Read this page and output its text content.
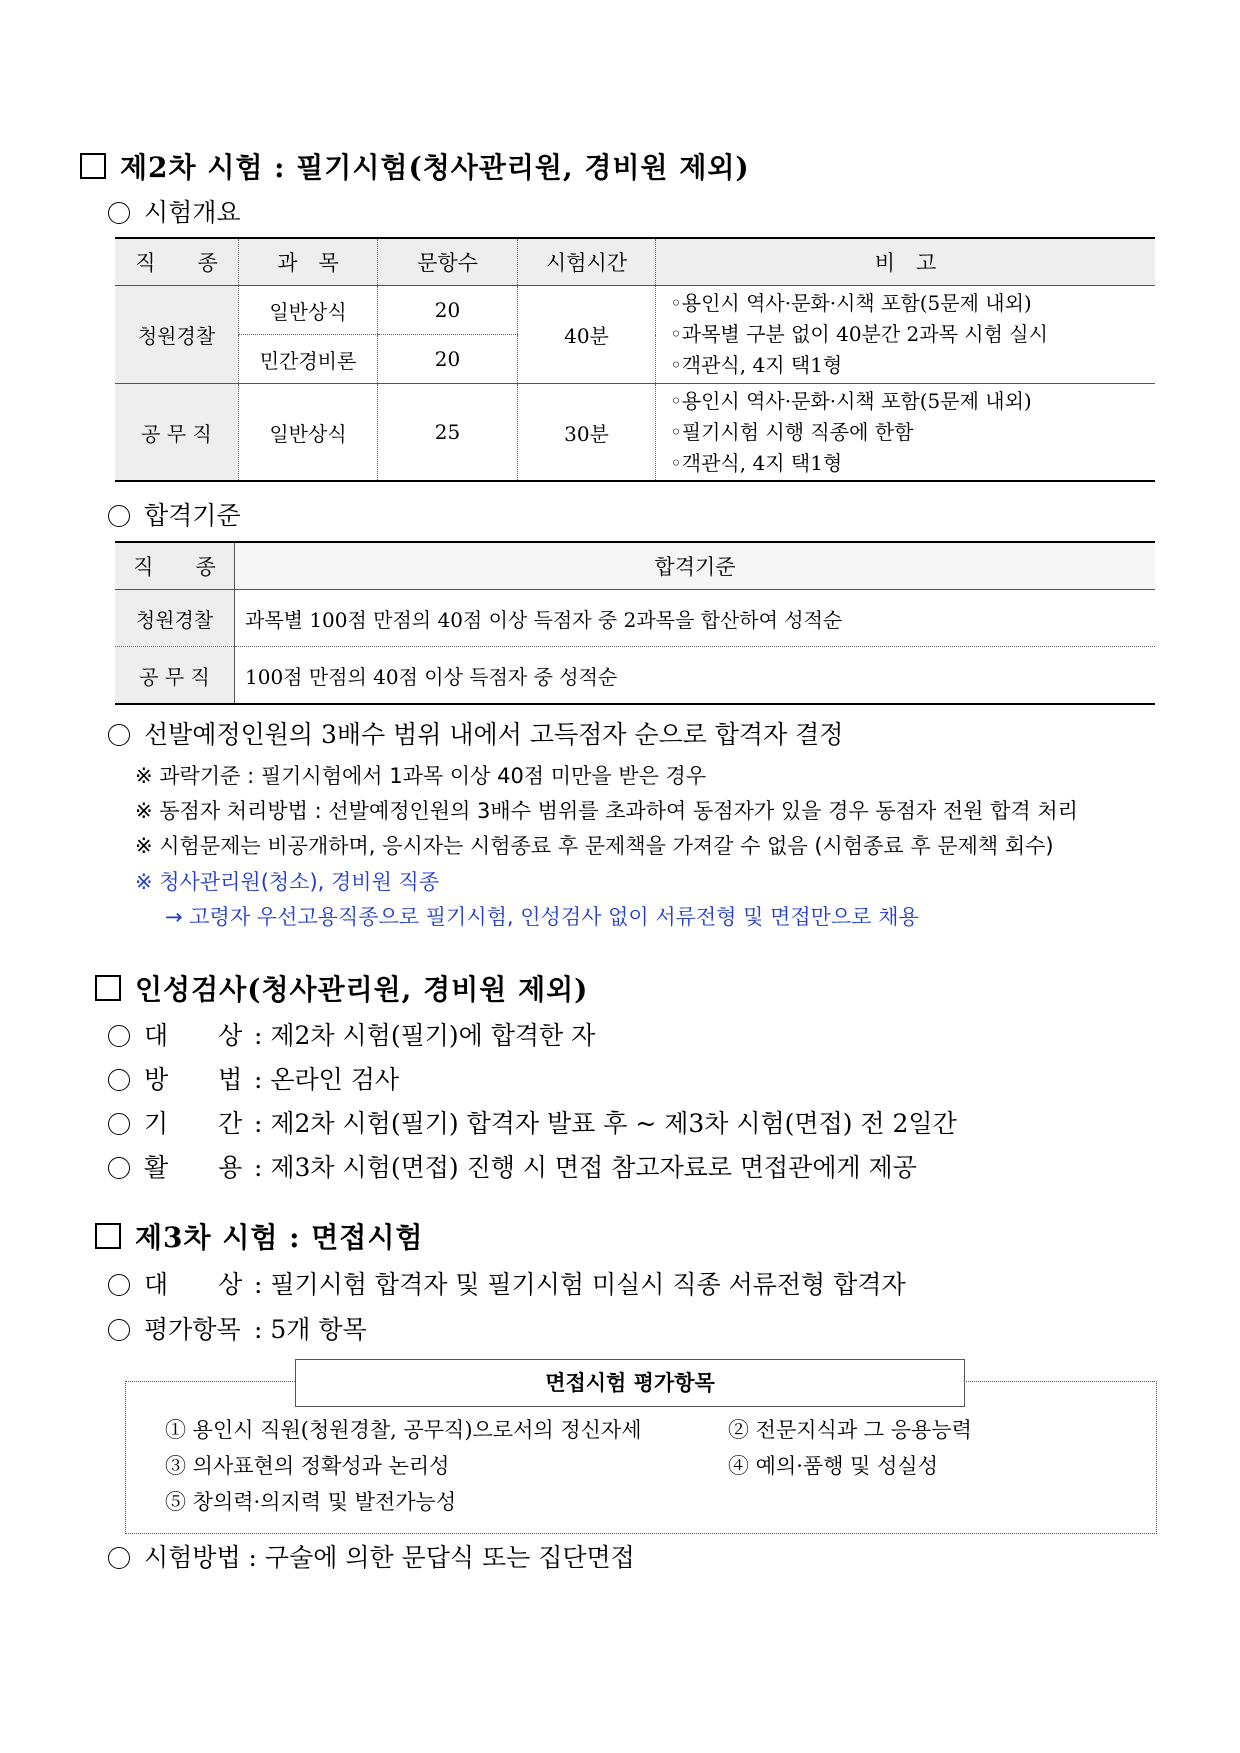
제2차 시험 : 필기시험(청사관리원, 경비원 제외)
시험개요
직　　종	과　목	문항수	시험시간	비　고
청원경찰	일반상식	20	40분	◦용인시 역사·문화·시책 포함(5문제 내외)
◦과목별 구분 없이 40분간 2과목 시험 실시
◦객관식, 4지 택1형

	민간경비론	20		
공 무 직	일반상식	25	30분	◦용인시 역사·문화·시책 포함(5문제 내외)
◦필기시험 시행 직종에 한함
◦객관식, 4지 택1형
합격기준
직　　종	합격기준
청원경찰	과목별 100점 만점의 40점 이상 득점자 중 2과목을 합산하여 성적순
공 무 직	100점 만점의 40점 이상 득점자 중 성적순
선발예정인원의 3배수 범위 내에서 고득점자 순으로 합격자 결정
※ 과락기준 : 필기시험에서 1과목 이상 40점 미만을 받은 경우
※ 동점자 처리방법 : 선발예정인원의 3배수 범위를 초과하여 동점자가 있을 경우 동점자 전원 합격 처리
※ 시험문제는 비공개하며, 응시자는 시험종료 후 문제책을 가져갈 수 없음 (시험종료 후 문제책 회수)
※ 청사관리원(청소), 경비원 직종
→ 고령자 우선고용직종으로 필기시험, 인성검사 없이 서류전형 및 면접만으로 채용
인성검사(청사관리원, 경비원 제외)
대　　상 : 제2차 시험(필기)에 합격한 자
방　　법 : 온라인 검사
기　　간 : 제2차 시험(필기) 합격자 발표 후 ~ 제3차 시험(면접) 전 2일간
활　　용 : 제3차 시험(면접) 진행 시 면접 참고자료로 면접관에게 제공
제3차 시험 : 면접시험
대　　상 : 필기시험 합격자 및 필기시험 미실시 직종 서류전형 합격자
평가항목 : 5개 항목
면접시험 평가항목
① 용인시 직원(청원경찰, 공무직)으로서의 정신자세	② 전문지식과 그 응용능력
③ 의사표현의 정확성과 논리성	④ 예의·품행 및 성실성
⑤ 창의력·의지력 및 발전가능성
시험방법 : 구술에 의한 문답식 또는 집단면접
